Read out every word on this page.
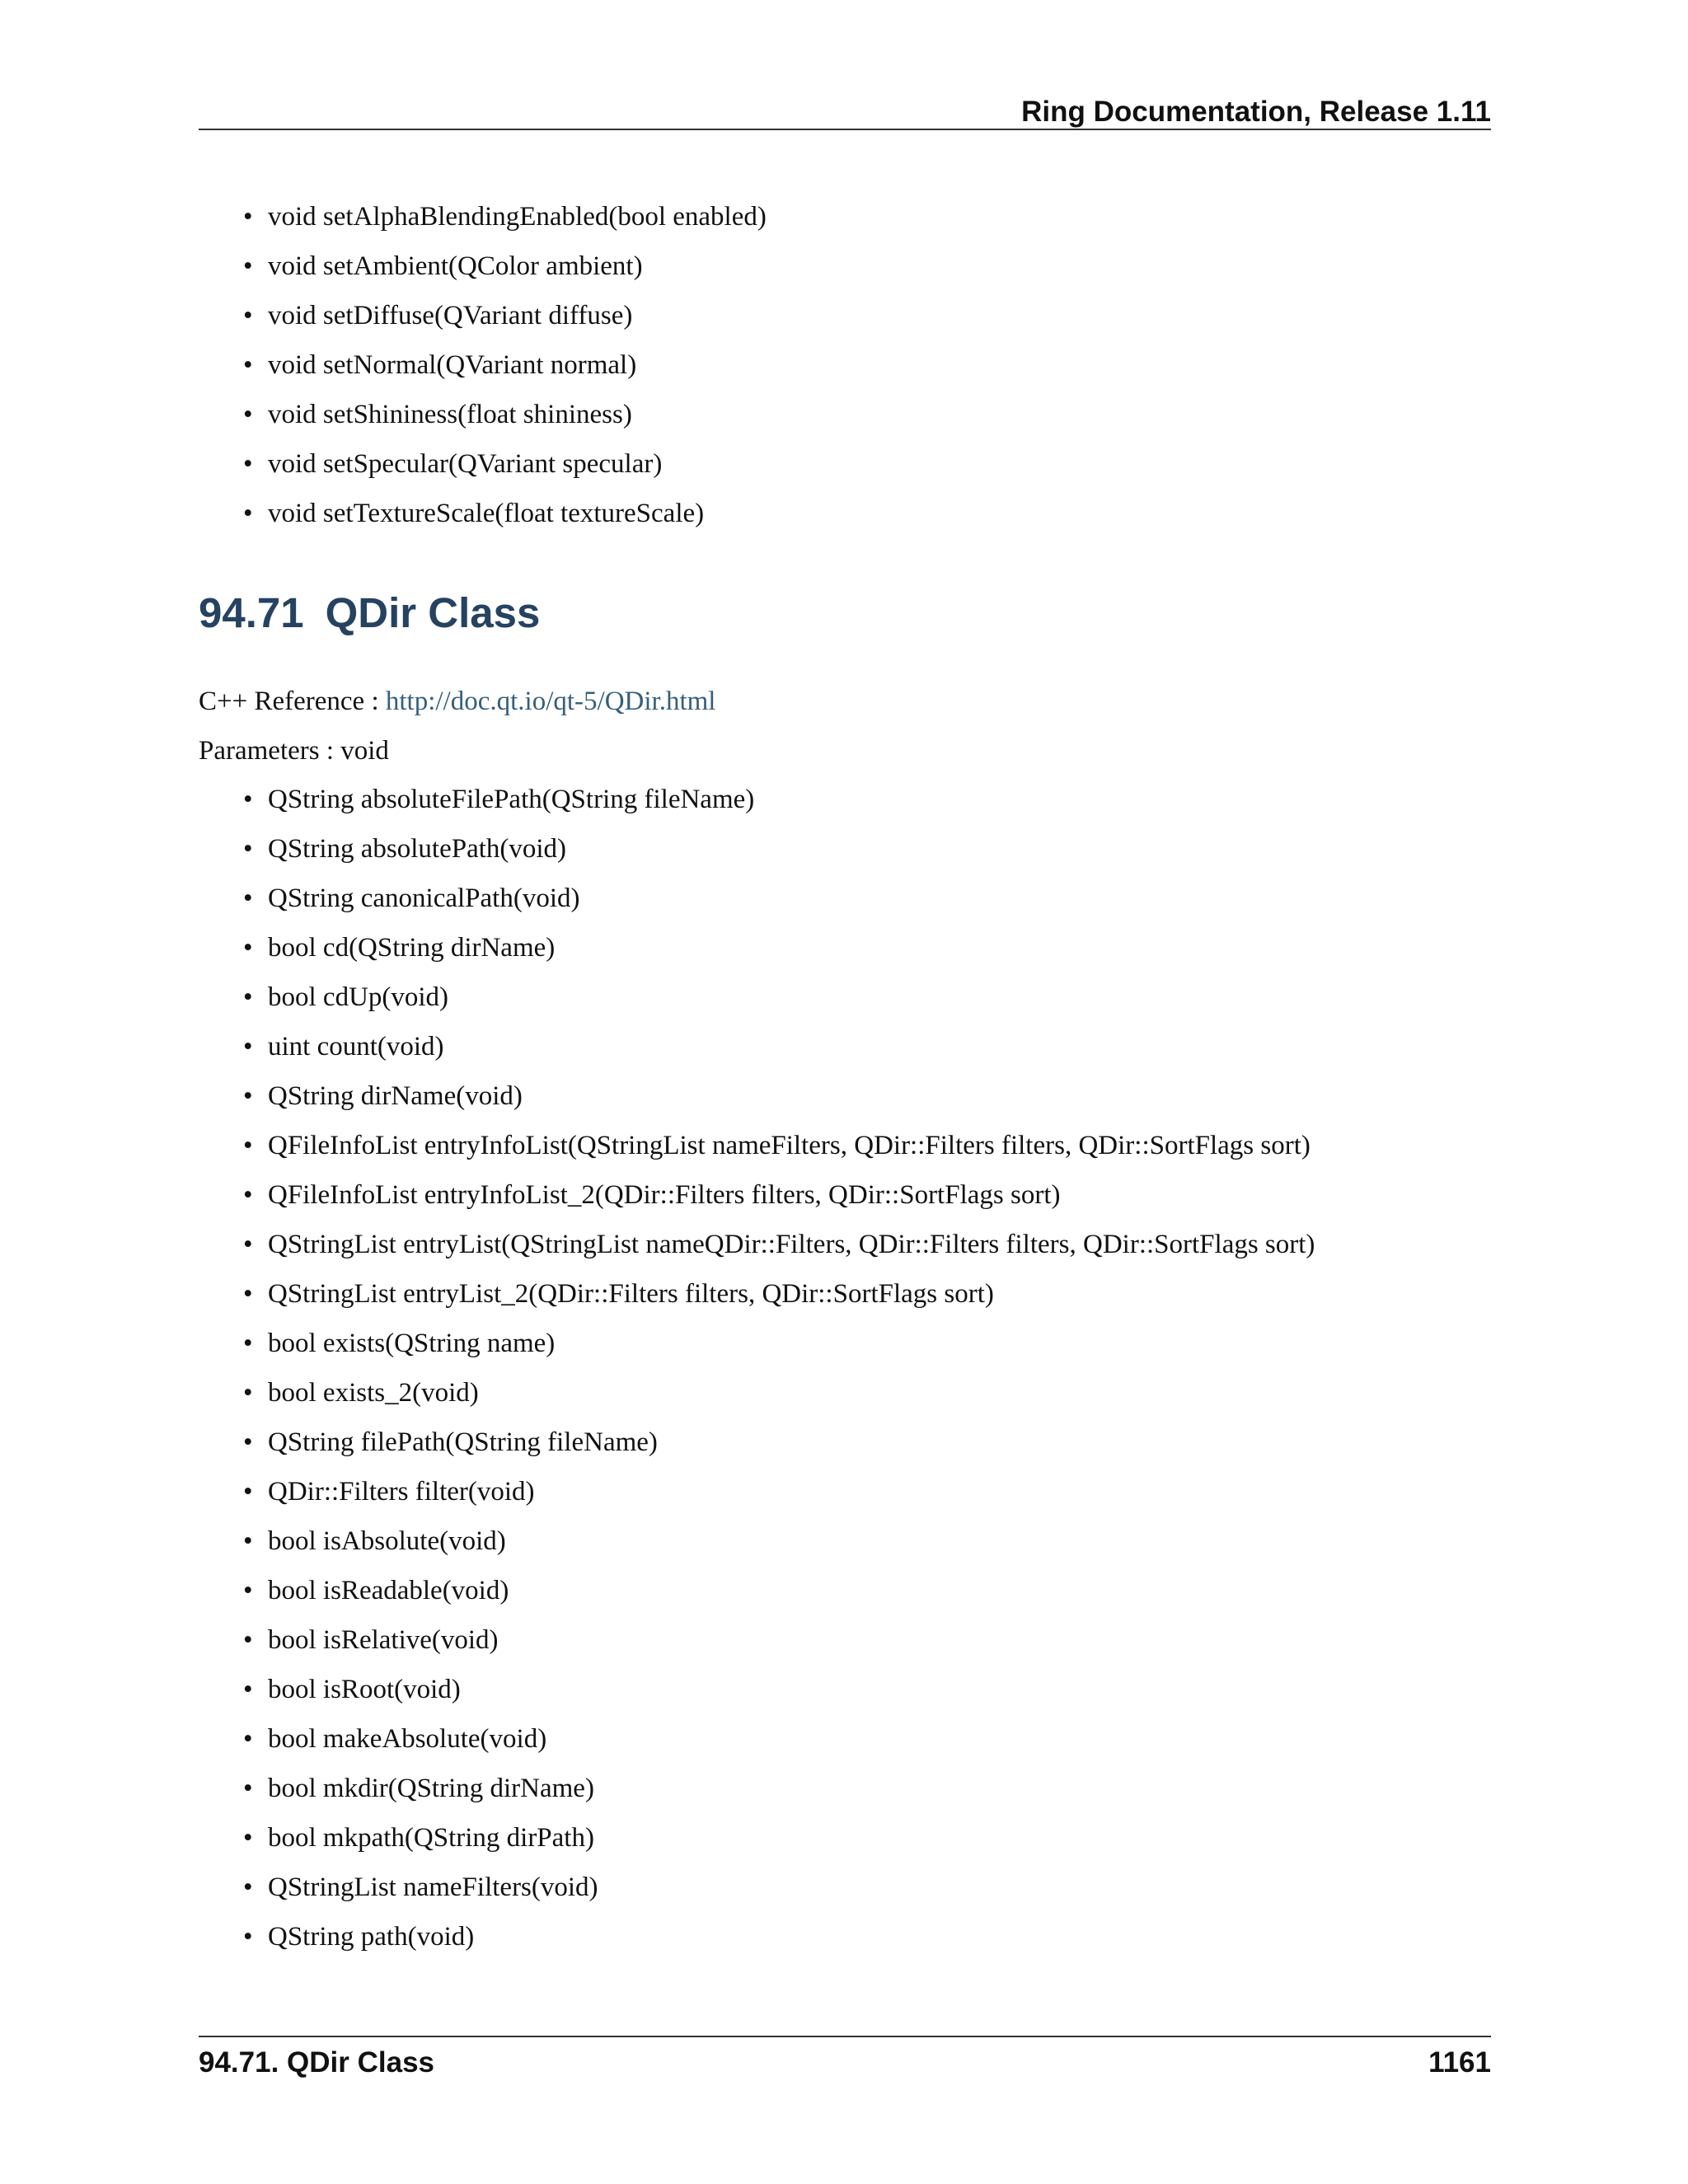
Ring Documentation, Release 1.11
• void setAlphaBlendingEnabled(bool enabled)
• void setAmbient(QColor ambient)
• void setDiffuse(QVariant diffuse)
• void setNormal(QVariant normal)
• void setShininess(float shininess)
• void setSpecular(QVariant specular)
• void setTextureScale(float textureScale)
94.71 QDir Class
C++ Reference : http://doc.qt.io/qt-5/QDir.html
Parameters : void
• QString absoluteFilePath(QString fileName)
• QString absolutePath(void)
• QString canonicalPath(void)
• bool cd(QString dirName)
• bool cdUp(void)
• uint count(void)
• QString dirName(void)
• QFileInfoList entryInfoList(QStringList nameFilters, QDir::Filters filters, QDir::SortFlags sort)
• QFileInfoList entryInfoList_2(QDir::Filters filters, QDir::SortFlags sort)
• QStringList entryList(QStringList nameQDir::Filters, QDir::Filters filters, QDir::SortFlags sort)
• QStringList entryList_2(QDir::Filters filters, QDir::SortFlags sort)
• bool exists(QString name)
• bool exists_2(void)
• QString filePath(QString fileName)
• QDir::Filters filter(void)
• bool isAbsolute(void)
• bool isReadable(void)
• bool isRelative(void)
• bool isRoot(void)
• bool makeAbsolute(void)
• bool mkdir(QString dirName)
• bool mkpath(QString dirPath)
• QStringList nameFilters(void)
• QString path(void)
94.71. QDir Class	1161
